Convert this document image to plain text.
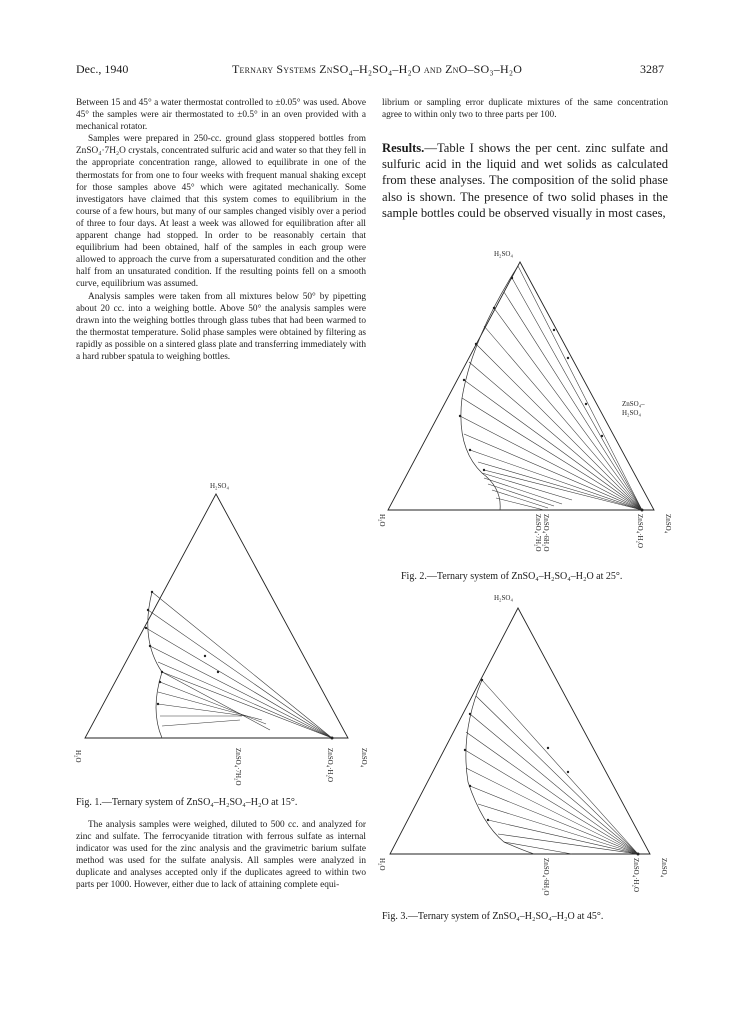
Dec., 1940	Ternary Systems ZnSO₄–H₂SO₄–H₂O and ZnO–SO₃–H₂O	3287

Between 15 and 45° a water thermostat controlled to ±0.05° was used. Above 45° the samples were air thermostated to ±0.5° in an oven provided with a mechanical rotator.

Samples were prepared in 250-cc. ground glass stoppered bottles from ZnSO₄·7H₂O crystals, concentrated sulfuric acid and water so that they fell in the appropriate concentration range, allowed to equilibrate in one of the thermostats for from one to four weeks with frequent manual shaking except for those samples above 45° which were agitated mechanically. Some investigators have claimed that this system comes to equilibrium in the course of a few hours, but many of our samples changed visibly over a period of three to four days. At least a week was allowed for equilibration after all apparent change had stopped. In order to be reasonably certain that equilibrium had been obtained, half of the samples in each group were allowed to approach the curve from a supersaturated condition and the other half from an unsaturated condition. If the resulting points fell on a smooth curve, equilibrium was assumed.

Analysis samples were taken from all mixtures below 50° by pipetting about 20 cc. into a weighing bottle. Above 50° the analysis samples were drawn into the weighing bottles through glass tubes that had been warmed to the thermostat temperature. Solid phase samples were obtained by filtering as rapidly as possible on a sintered glass plate and transferring immediately with a hard rubber spatula to weighing bottles.

librium or sampling error duplicate mixtures of the same concentration agree to within only two to three parts per 100.

Results.—Table I shows the per cent. zinc sulfate and sulfuric acid in the liquid and wet solids as calculated from these analyses. The composition of the solid phase also is shown. The presence of two solid phases in the sample bottles could be observed visually in most cases,

H₂SO₄
H₂O	ZnSO₄·7H₂O	ZnSO₄·H₂O	ZnSO₄
Fig. 1.—Ternary system of ZnSO₄–H₂SO₄–H₂O at 15°.

The analysis samples were weighed, diluted to 500 cc. and analyzed for zinc and sulfate. The ferrocyanide titration with ferrous sulfate as internal indicator was used for the zinc analysis and the gravimetric barium sulfate method was used for the sulfate analysis. All samples were analyzed in duplicate and analyses accepted only if the duplicates agreed to within two parts per 1000. However, either due to lack of attaining complete equi-

H₂SO₄
ZnSO₄–
H₂SO₄
H₂O	ZnSO₄·6H₂O
ZnSO₄·7H₂O	ZnSO₄·H₂O	ZnSO₄
Fig. 2.—Ternary system of ZnSO₄–H₂SO₄–H₂O at 25°.
H₂SO₄
H₂O	ZnSO₄·6H₂O	ZnSO₄·H₂O	ZnSO₄
Fig. 3.—Ternary system of ZnSO₄–H₂SO₄–H₂O at 45°.
